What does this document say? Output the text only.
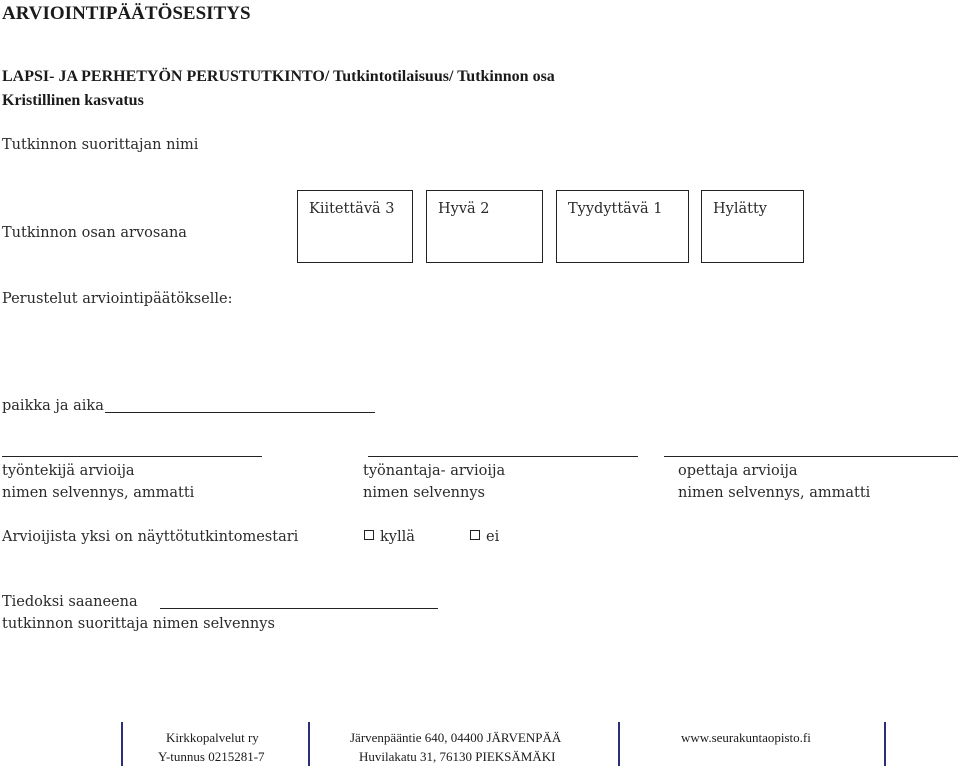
ARVIOINTIPÄÄTÖSESITYS
LAPSI- JA PERHETYÖN PERUSTUTKINTO/ Tutkintotilaisuus/ Tutkinnon osa
Kristillinen kasvatus
Tutkinnon suorittajan nimi
Tutkinnon osan arvosana
Kiitettävä 3	Hyvä 2	Tyydyttävä 1	Hylätty
Perustelut arviointipäätökselle:
paikka ja aika
työntekijä arvioija
nimen selvennys, ammatti
työnantaja- arvioija
nimen selvennys
opettaja arvioija
nimen selvennys, ammatti
Arvioijista yksi on näyttötutkintomestari	kyllä	ei
Tiedoksi saaneena
tutkinnon suorittaja nimen selvennys
Kirkkopalvelut ry
Y-tunnus 0215281-7
Järvenpääntie 640, 04400 JÄRVENPÄÄ
Huvilakatu 31, 76130 PIEKSÄMÄKI
www.seurakuntaopisto.fi
